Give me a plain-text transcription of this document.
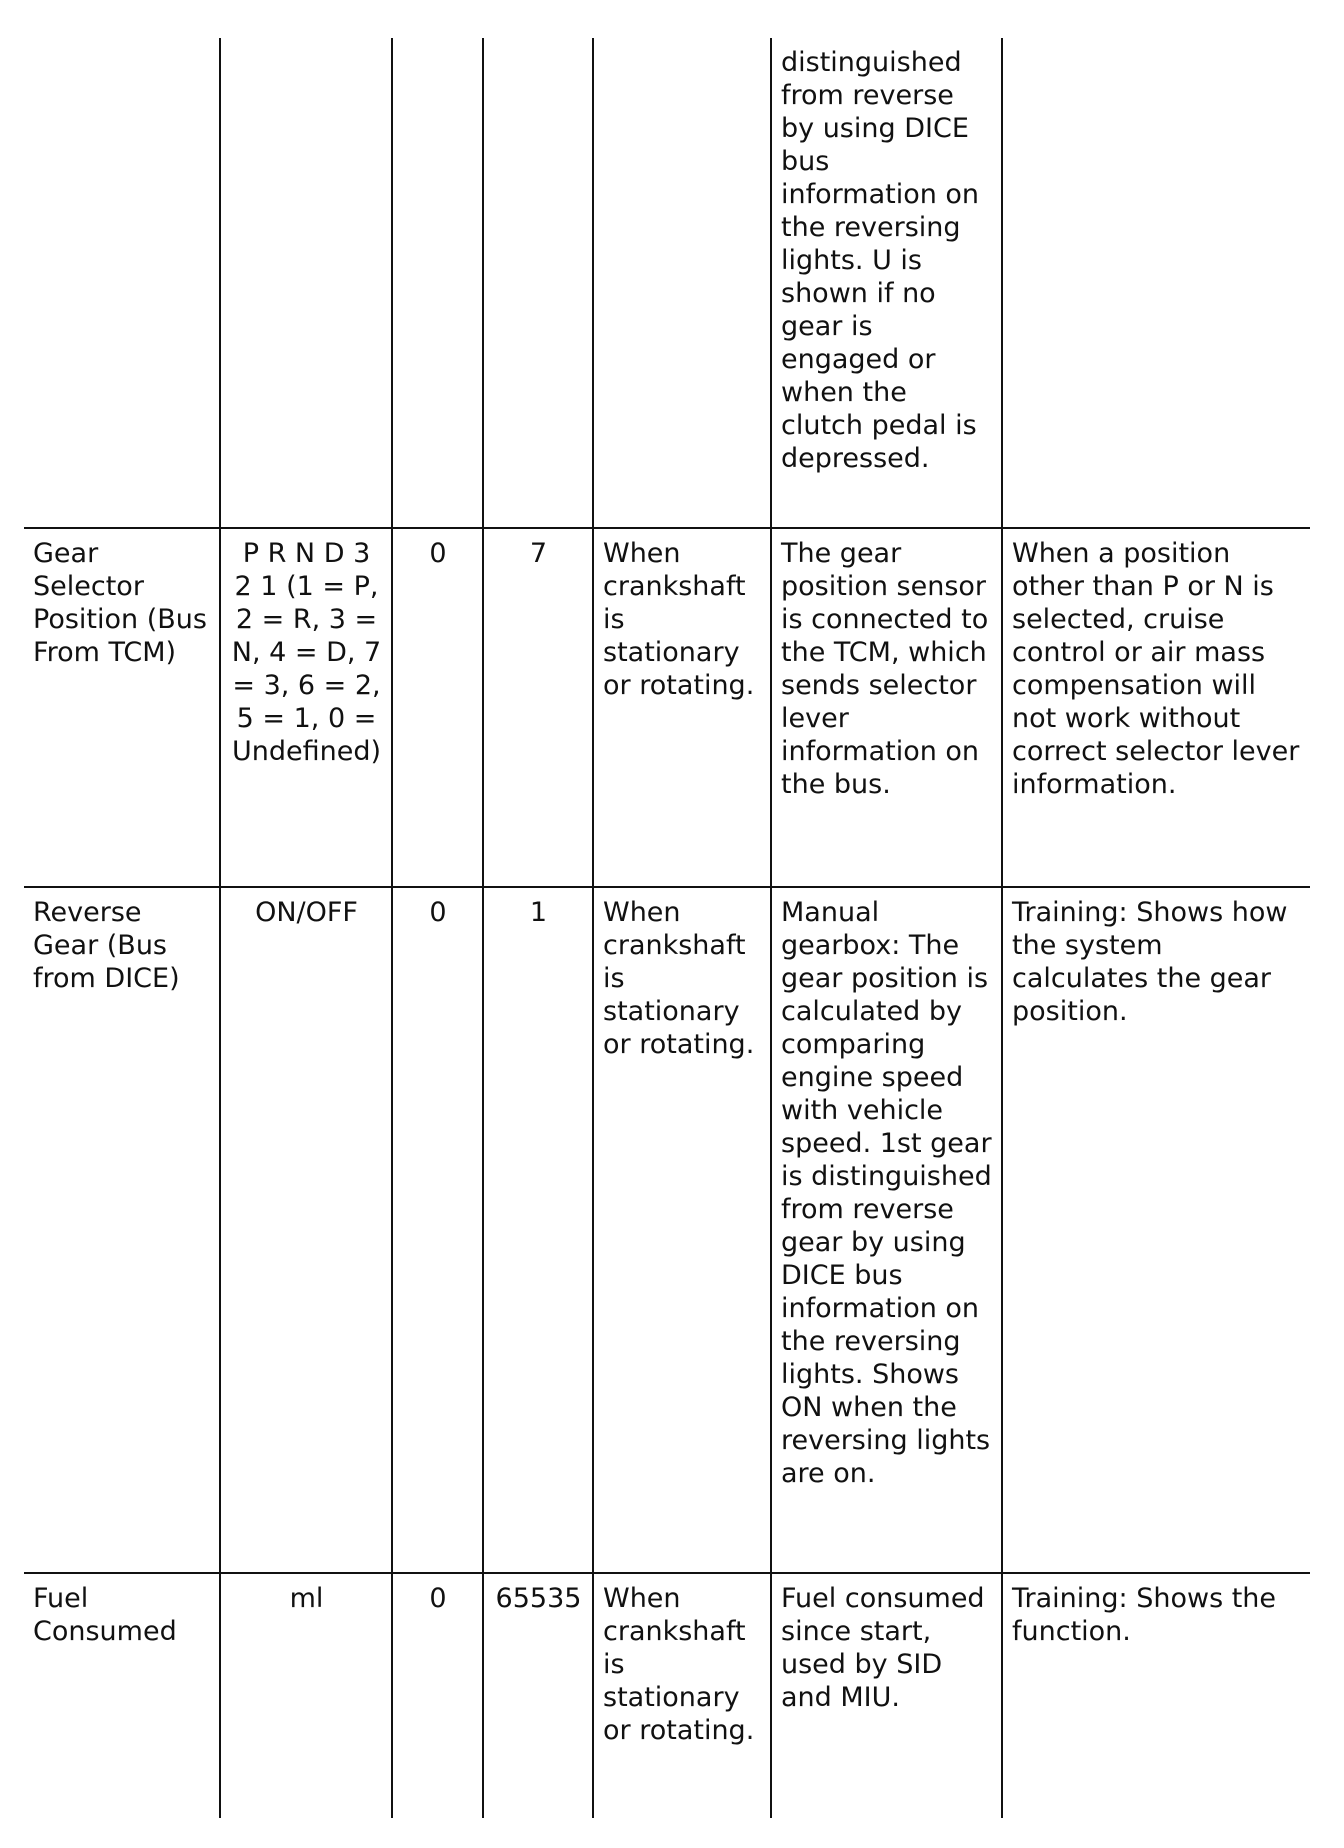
					distinguished from reverse by using DICE bus information on the reversing lights. U is shown if no gear is engaged or when the clutch pedal is depressed.	
Gear Selector Position (Bus From TCM)	P R N D 3 2 1 (1 = P, 2 = R, 3 = N, 4 = D, 7 = 3, 6 = 2, 5 = 1, 0 = Undefined)	0	7	When crankshaft is stationary or rotating.	The gear position sensor is connected to the TCM, which sends selector lever information on the bus.	When a position other than P or N is selected, cruise control or air mass compensation will not work without correct selector lever information.
Reverse Gear (Bus from DICE)	ON/OFF	0	1	When crankshaft is stationary or rotating.	Manual gearbox: The gear position is calculated by comparing engine speed with vehicle speed. 1st gear is distinguished from reverse gear by using DICE bus information on the reversing lights. Shows ON when the reversing lights are on.	Training: Shows how the system calculates the gear position.
Fuel Consumed	ml	0	65535	When crankshaft is stationary or rotating.	Fuel consumed since start, used by SID and MIU.	Training: Shows the function.
